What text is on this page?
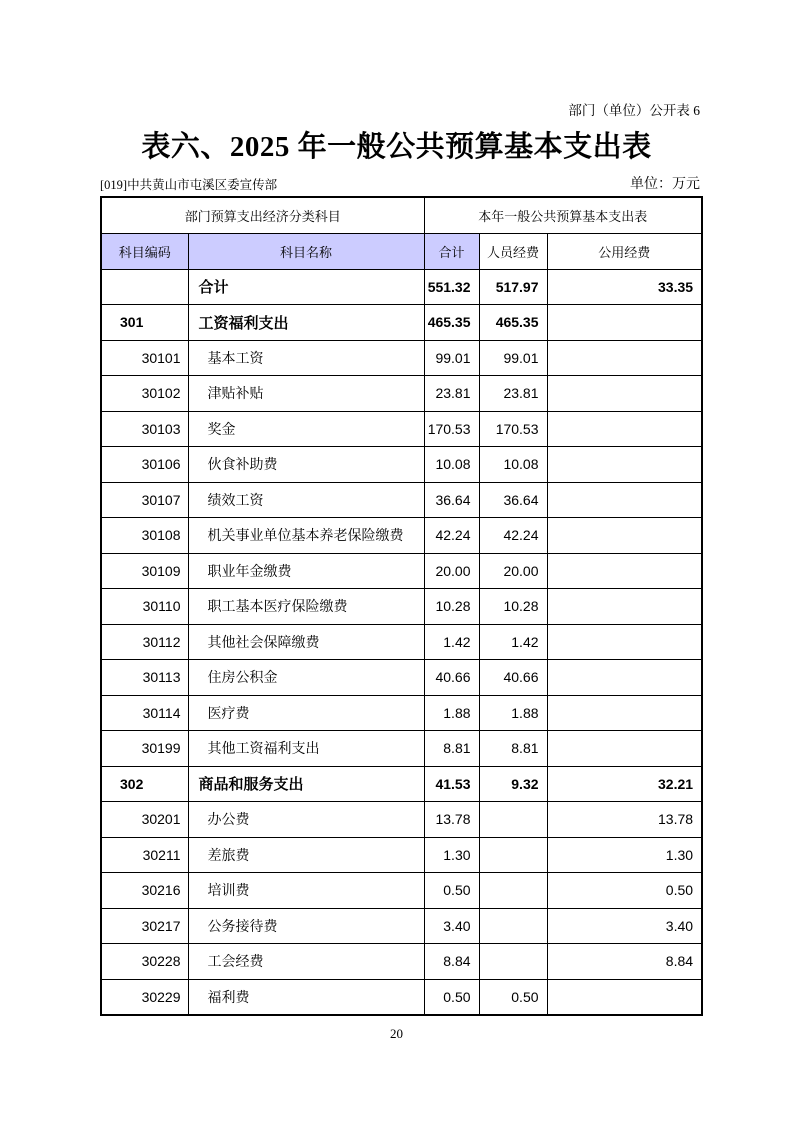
部门（单位）公开表 6
表六、2025 年一般公共预算基本支出表
[019]中共黄山市屯溪区委宣传部	单位：万元
部门预算支出经济分类科目		本年一般公共预算基本支出表		
科目编码	科目名称	合计	人员经费	公用经费
	合计	551.32	517.97	33.35
301	工资福利支出	465.35	465.35	
30101	基本工资	99.01	99.01	
30102	津贴补贴	23.81	23.81	
30103	奖金	170.53	170.53	
30106	伙食补助费	10.08	10.08	
30107	绩效工资	36.64	36.64	
30108	机关事业单位基本养老保险缴费	42.24	42.24	
30109	职业年金缴费	20.00	20.00	
30110	职工基本医疗保险缴费	10.28	10.28	
30112	其他社会保障缴费	1.42	1.42	
30113	住房公积金	40.66	40.66	
30114	医疗费	1.88	1.88	
30199	其他工资福利支出	8.81	8.81	
302	商品和服务支出	41.53	9.32	32.21
30201	办公费	13.78		13.78
30211	差旅费	1.30		1.30
30216	培训费	0.50		0.50
30217	公务接待费	3.40		3.40
30228	工会经费	8.84		8.84
30229	福利费	0.50	0.50	
20
